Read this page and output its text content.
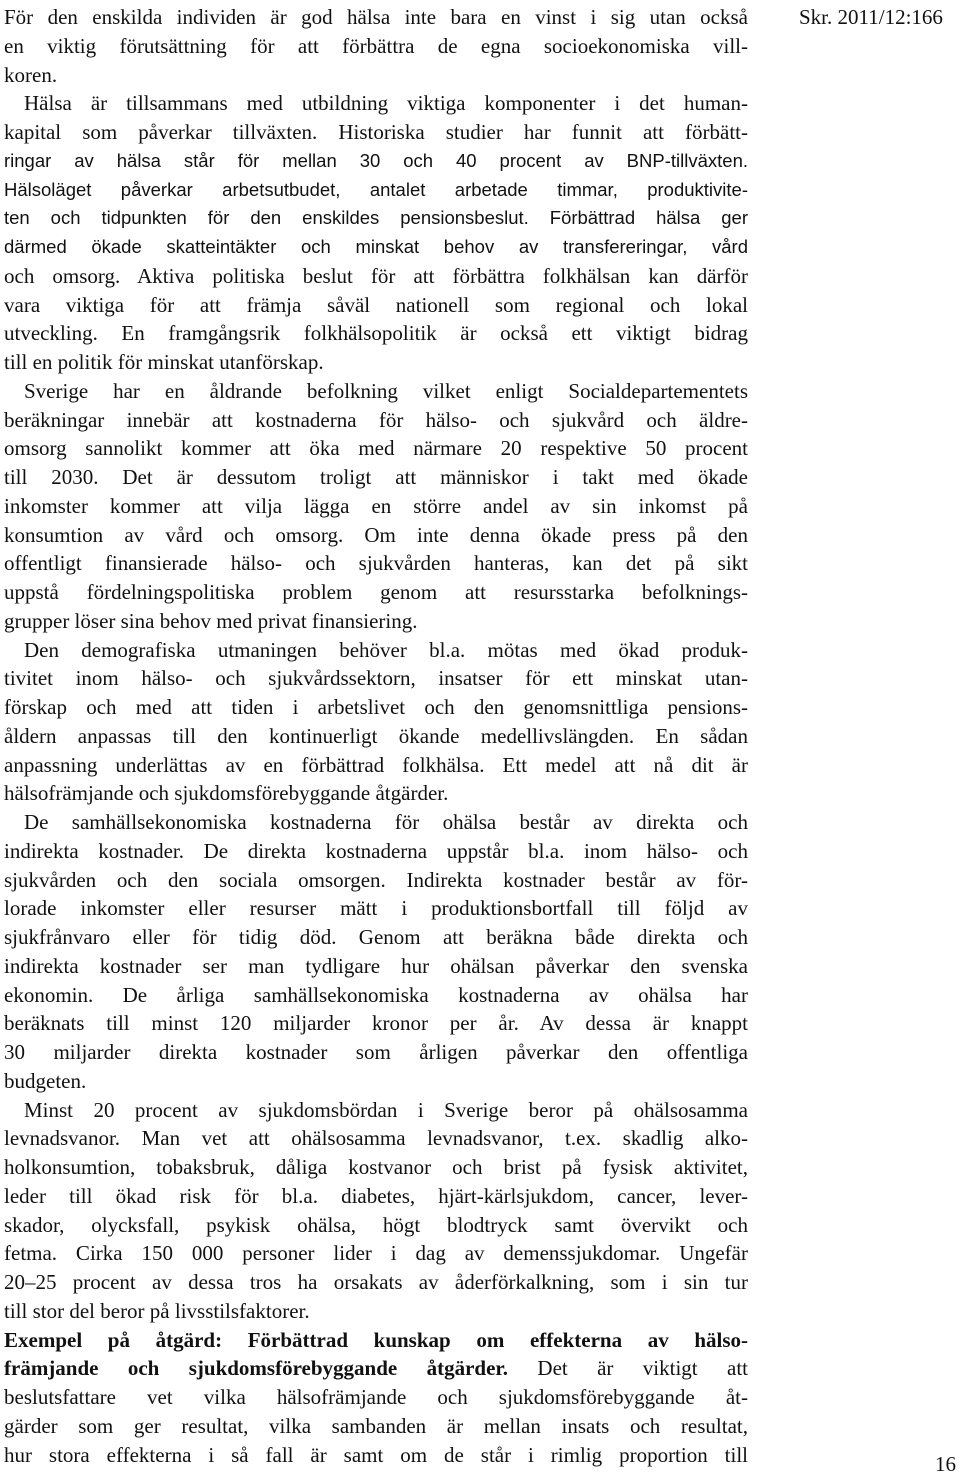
Skr. 2011/12:166
För den enskilda individen är god hälsa inte bara en vinst i sig utan också
en viktig förutsättning för att förbättra de egna socioekonomiska vill-
koren.
Hälsa är tillsammans med utbildning viktiga komponenter i det human-
kapital som påverkar tillväxten. Historiska studier har funnit att förbätt-
ringar av hälsa står för mellan 30 och 40 procent av BNP-tillväxten.
Hälsoläget påverkar arbetsutbudet, antalet arbetade timmar, produktivite-
ten och tidpunkten för den enskildes pensionsbeslut. Förbättrad hälsa ger
därmed ökade skatteintäkter och minskat behov av transfereringar, vård
och omsorg. Aktiva politiska beslut för att förbättra folkhälsan kan därför
vara viktiga för att främja såväl nationell som regional och lokal
utveckling. En framgångsrik folkhälsopolitik är också ett viktigt bidrag
till en politik för minskat utanförskap.
Sverige har en åldrande befolkning vilket enligt Socialdepartementets
beräkningar innebär att kostnaderna för hälso- och sjukvård och äldre-
omsorg sannolikt kommer att öka med närmare 20 respektive 50 procent
till 2030. Det är dessutom troligt att människor i takt med ökade
inkomster kommer att vilja lägga en större andel av sin inkomst på
konsumtion av vård och omsorg. Om inte denna ökade press på den
offentligt finansierade hälso- och sjukvården hanteras, kan det på sikt
uppstå fördelningspolitiska problem genom att resursstarka befolknings-
grupper löser sina behov med privat finansiering.
Den demografiska utmaningen behöver bl.a. mötas med ökad produk-
tivitet inom hälso- och sjukvårdssektorn, insatser för ett minskat utan-
förskap och med att tiden i arbetslivet och den genomsnittliga pensions-
åldern anpassas till den kontinuerligt ökande medellivslängden. En sådan
anpassning underlättas av en förbättrad folkhälsa. Ett medel att nå dit är
hälsofrämjande och sjukdomsförebyggande åtgärder.
De samhällsekonomiska kostnaderna för ohälsa består av direkta och
indirekta kostnader. De direkta kostnaderna uppstår bl.a. inom hälso- och
sjukvården och den sociala omsorgen. Indirekta kostnader består av för-
lorade inkomster eller resurser mätt i produktionsbortfall till följd av
sjukfrånvaro eller för tidig död. Genom att beräkna både direkta och
indirekta kostnader ser man tydligare hur ohälsan påverkar den svenska
ekonomin. De årliga samhällsekonomiska kostnaderna av ohälsa har
beräknats till minst 120 miljarder kronor per år. Av dessa är knappt
30 miljarder direkta kostnader som årligen påverkar den offentliga
budgeten.
Minst 20 procent av sjukdomsbördan i Sverige beror på ohälsosamma
levnadsvanor. Man vet att ohälsosamma levnadsvanor, t.ex. skadlig alko-
holkonsumtion, tobaksbruk, dåliga kostvanor och brist på fysisk aktivitet,
leder till ökad risk för bl.a. diabetes, hjärt-kärlsjukdom, cancer, lever-
skador, olycksfall, psykisk ohälsa, högt blodtryck samt övervikt och
fetma. Cirka 150 000 personer lider i dag av demenssjukdomar. Ungefär
20–25 procent av dessa tros ha orsakats av åderförkalkning, som i sin tur
till stor del beror på livsstilsfaktorer.
Exempel på åtgärd: Förbättrad kunskap om effekterna av hälso-
främjande och sjukdomsförebyggande åtgärder. Det är viktigt att
beslutsfattare vet vilka hälsofrämjande och sjukdomsförebyggande åt-
gärder som ger resultat, vilka sambanden är mellan insats och resultat,
hur stora effekterna i så fall är samt om de står i rimlig proportion till	16
